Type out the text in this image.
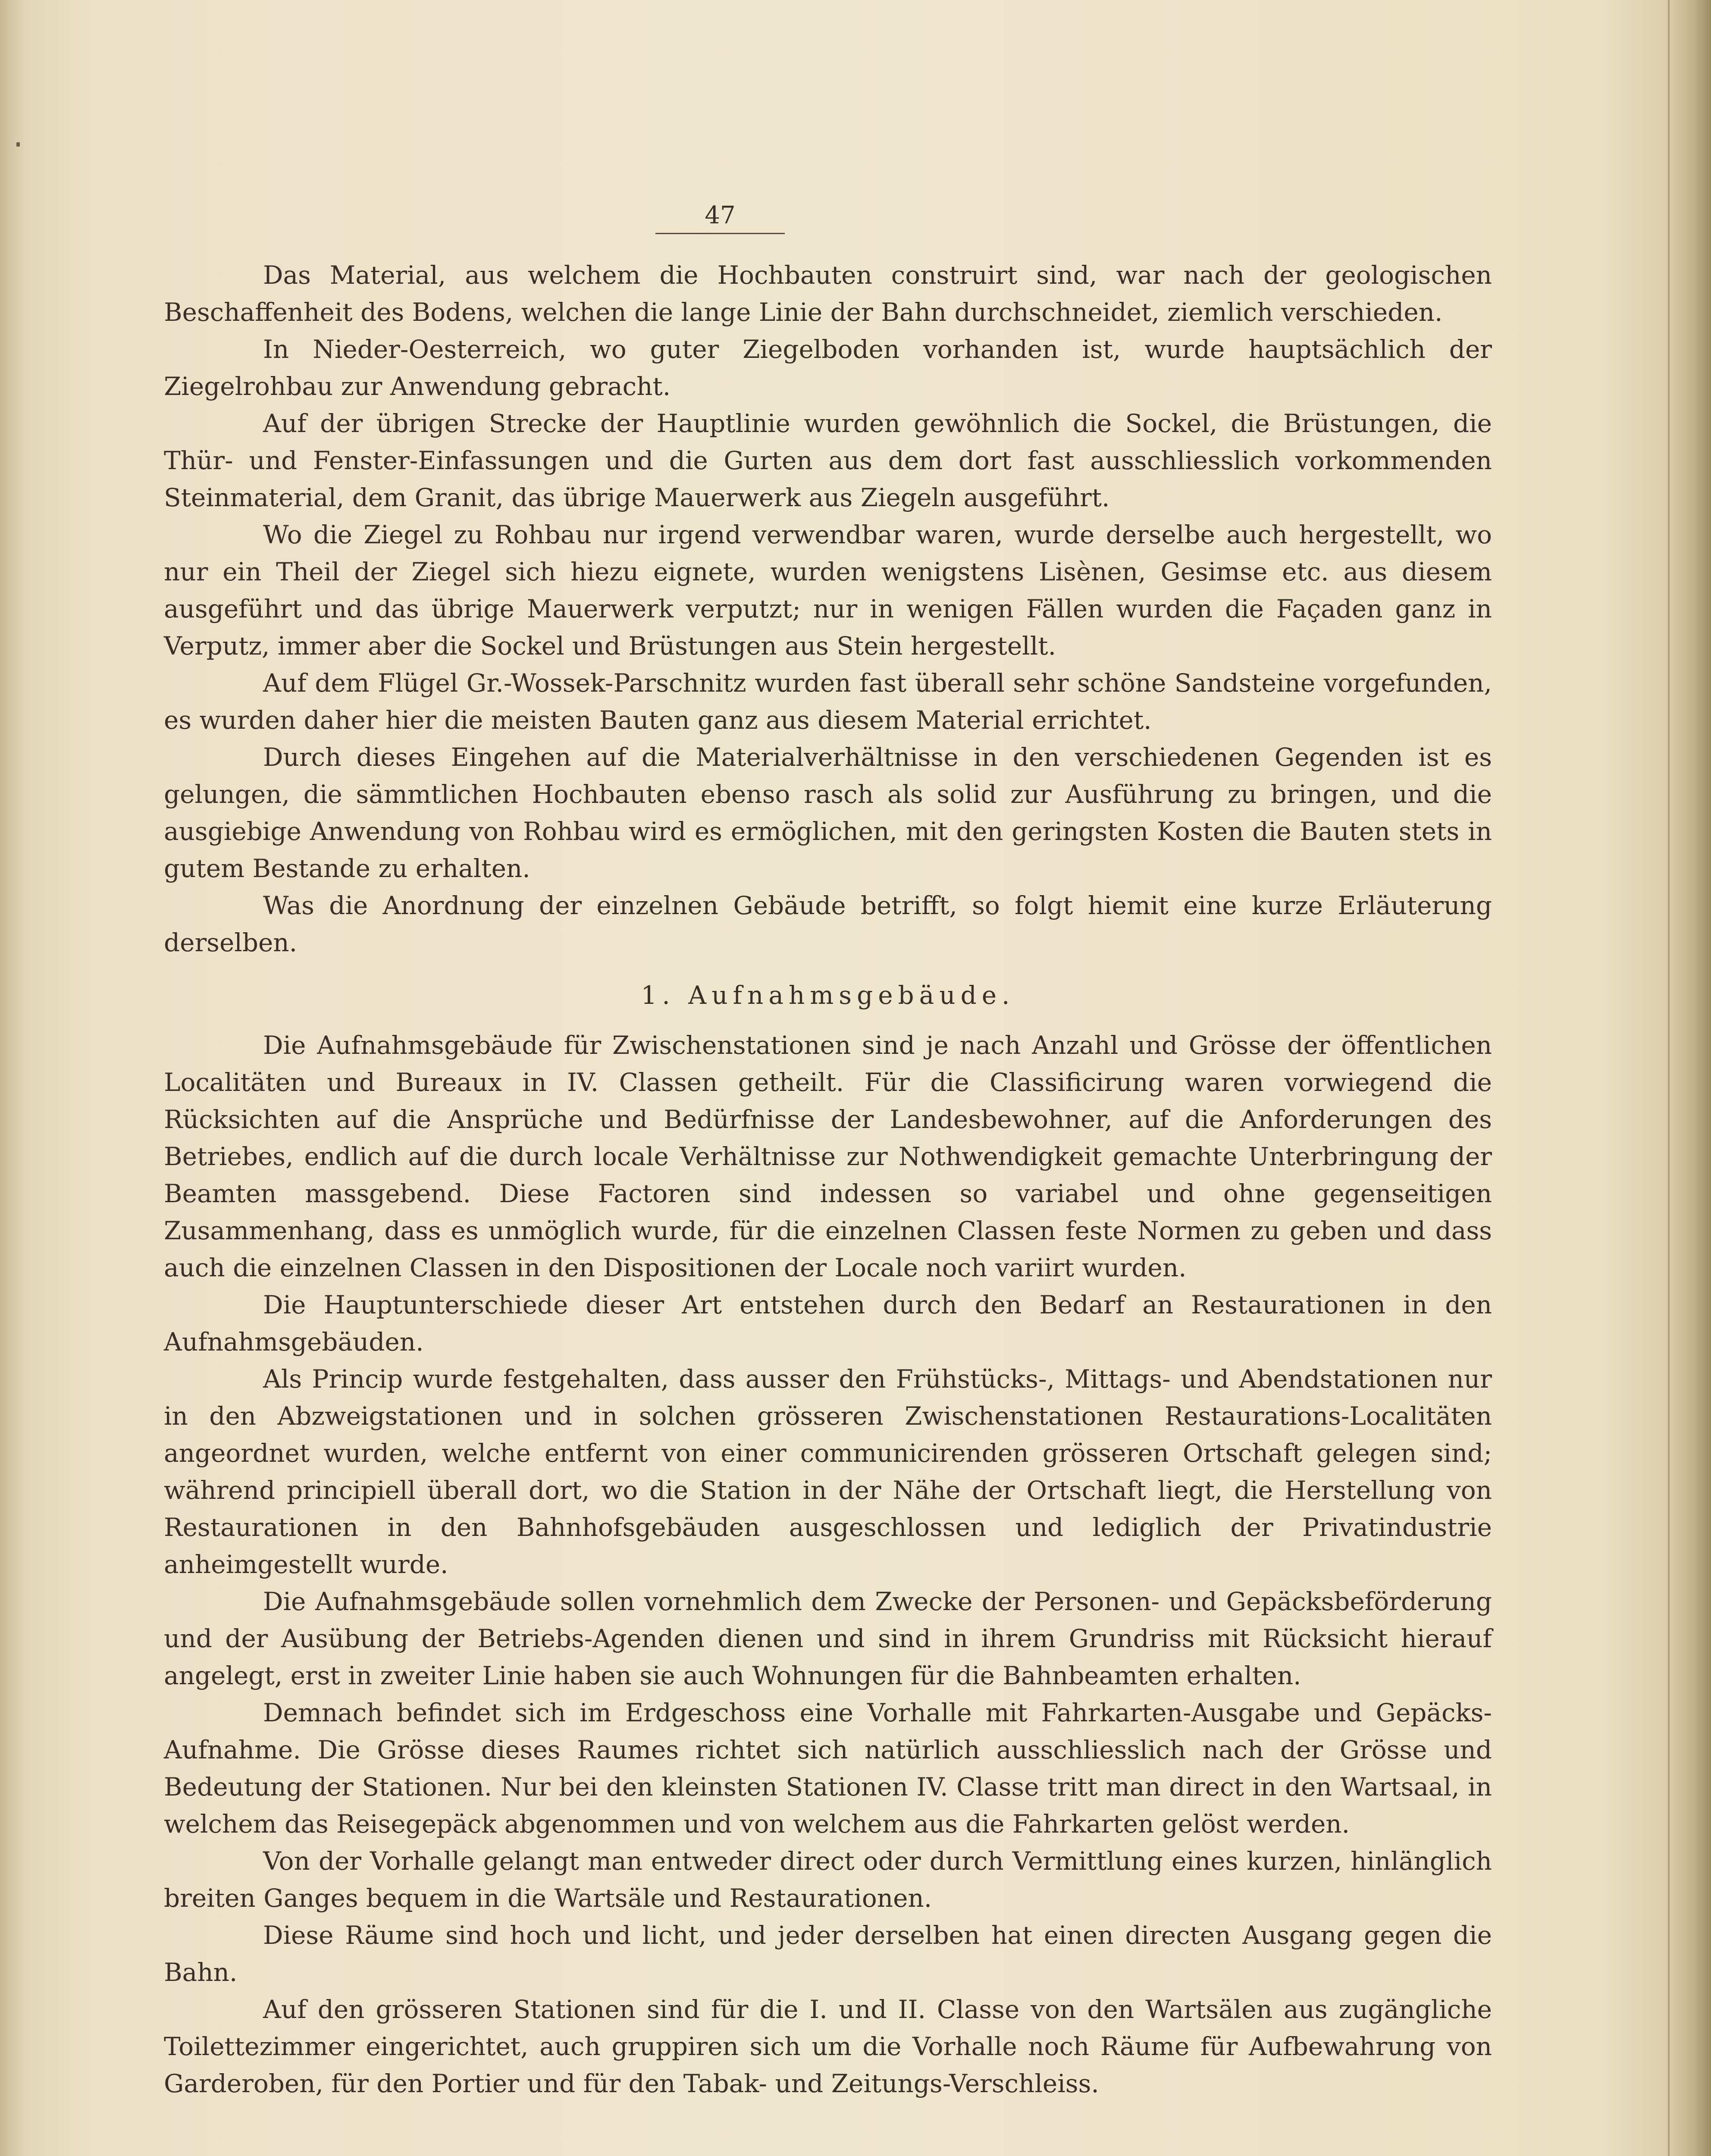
47

Das Material, aus welchem die Hochbauten construirt sind, war nach der geologischen Beschaffenheit des Bodens, welchen die lange Linie der Bahn durchschneidet, ziemlich verschieden.

In Nieder-Oesterreich, wo guter Ziegelboden vorhanden ist, wurde hauptsächlich der Ziegelrohbau zur Anwendung gebracht.

Auf der übrigen Strecke der Hauptlinie wurden gewöhnlich die Sockel, die Brüstungen, die Thür- und Fenster-Einfassungen und die Gurten aus dem dort fast ausschliesslich vorkommenden Steinmaterial, dem Granit, das übrige Mauerwerk aus Ziegeln ausgeführt.

Wo die Ziegel zu Rohbau nur irgend verwendbar waren, wurde derselbe auch hergestellt, wo nur ein Theil der Ziegel sich hiezu eignete, wurden wenigstens Lisènen, Gesimse etc. aus diesem ausgeführt und das übrige Mauerwerk verputzt; nur in wenigen Fällen wurden die Façaden ganz in Verputz, immer aber die Sockel und Brüstungen aus Stein hergestellt.

Auf dem Flügel Gr.-Wossek-Parschnitz wurden fast überall sehr schöne Sandsteine vorgefunden, es wurden daher hier die meisten Bauten ganz aus diesem Material errichtet.

Durch dieses Eingehen auf die Materialverhältnisse in den verschiedenen Gegenden ist es gelungen, die sämmtlichen Hochbauten ebenso rasch als solid zur Ausführung zu bringen, und die ausgiebige Anwendung von Rohbau wird es ermöglichen, mit den geringsten Kosten die Bauten stets in gutem Bestande zu erhalten.

Was die Anordnung der einzelnen Gebäude betrifft, so folgt hiemit eine kurze Erläuterung derselben.

1. Aufnahmsgebäude.

Die Aufnahmsgebäude für Zwischenstationen sind je nach Anzahl und Grösse der öffentlichen Localitäten und Bureaux in IV. Classen getheilt. Für die Classificirung waren vorwiegend die Rücksichten auf die Ansprüche und Bedürfnisse der Landesbewohner, auf die Anforderungen des Betriebes, endlich auf die durch locale Verhältnisse zur Nothwendigkeit gemachte Unterbringung der Beamten massgebend. Diese Factoren sind indessen so variabel und ohne gegenseitigen Zusammenhang, dass es unmöglich wurde, für die einzelnen Classen feste Normen zu geben und dass auch die einzelnen Classen in den Dispositionen der Locale noch variirt wurden.

Die Hauptunterschiede dieser Art entstehen durch den Bedarf an Restaurationen in den Aufnahmsgebäuden.

Als Princip wurde festgehalten, dass ausser den Frühstücks-, Mittags- und Abendstationen nur in den Abzweigstationen und in solchen grösseren Zwischenstationen Restaurations-Localitäten angeordnet wurden, welche entfernt von einer communicirenden grösseren Ortschaft gelegen sind; während principiell überall dort, wo die Station in der Nähe der Ortschaft liegt, die Herstellung von Restaurationen in den Bahnhofsgebäuden ausgeschlossen und lediglich der Privatindustrie anheimgestellt wurde.

Die Aufnahmsgebäude sollen vornehmlich dem Zwecke der Personen- und Gepäcksbeförderung und der Ausübung der Betriebs-Agenden dienen und sind in ihrem Grundriss mit Rücksicht hierauf angelegt, erst in zweiter Linie haben sie auch Wohnungen für die Bahnbeamten erhalten.

Demnach befindet sich im Erdgeschoss eine Vorhalle mit Fahrkarten-Ausgabe und Gepäcks-Aufnahme. Die Grösse dieses Raumes richtet sich natürlich ausschliesslich nach der Grösse und Bedeutung der Stationen. Nur bei den kleinsten Stationen IV. Classe tritt man direct in den Wartsaal, in welchem das Reisegepäck abgenommen und von welchem aus die Fahrkarten gelöst werden.

Von der Vorhalle gelangt man entweder direct oder durch Vermittlung eines kurzen, hinlänglich breiten Ganges bequem in die Wartsäle und Restaurationen.

Diese Räume sind hoch und licht, und jeder derselben hat einen directen Ausgang gegen die Bahn.

Auf den grösseren Stationen sind für die I. und II. Classe von den Wartsälen aus zugängliche Toilettezimmer eingerichtet, auch gruppiren sich um die Vorhalle noch Räume für Aufbewahrung von Garderoben, für den Portier und für den Tabak- und Zeitungs-Verschleiss.
